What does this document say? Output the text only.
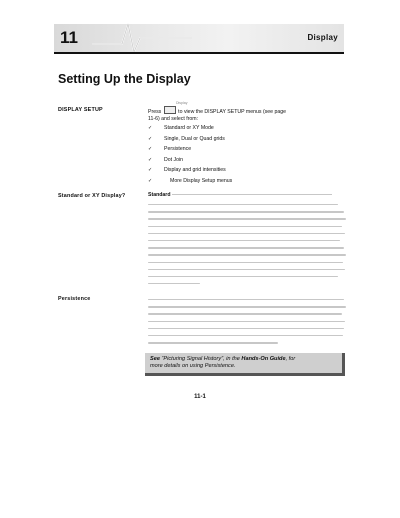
11	Display
Setting Up the Display
DISPLAY SETUP
Display
Press	to view the DISPLAY SETUP menus (see page
11-6) and select from:
✓ Standard or XY Mode
✓ Single, Dual or Quad grids
✓ Persistence
✓ Dot Join
✓ Display and grid intensities
✓	More Display Setup menus
Standard or XY Display?	Standard
Persistence
See “Picturing Signal History”, in the Hands-On Guide, for
more details on using Persistence.
11-1
